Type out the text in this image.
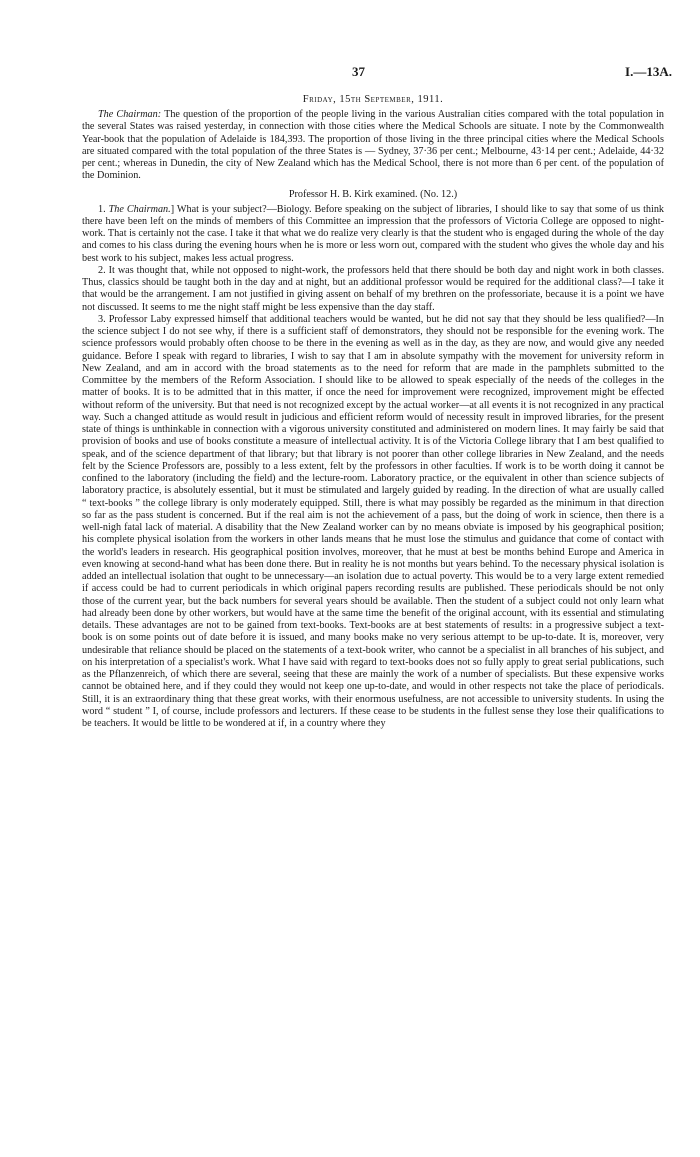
37	I.—13A.
Friday, 15th September, 1911.

The Chairman: The question of the proportion of the people living in the various Australian cities compared with the total population in the several States was raised yesterday, in connection with those cities where the Medical Schools are situate. I note by the Commonwealth Year-book that the population of Adelaide is 184,393. The proportion of those living in the three principal cities where the Medical Schools are situated compared with the total population of the three States is — Sydney, 37·36 per cent.; Melbourne, 43·14 per cent.; Adelaide, 44·32 per cent.; whereas in Dunedin, the city of New Zealand which has the Medical School, there is not more than 6 per cent. of the population of the Dominion.

Professor H. B. Kirk examined. (No. 12.)

1. The Chairman.] What is your subject?—Biology. Before speaking on the subject of libraries, I should like to say that some of us think there have been left on the minds of members of this Committee an impression that the professors of Victoria College are opposed to night-work. That is certainly not the case. I take it that what we do realize very clearly is that the student who is engaged during the whole of the day and comes to his class during the evening hours when he is more or less worn out, compared with the student who gives the whole day and his best work to his subject, makes less actual progress.

2. It was thought that, while not opposed to night-work, the professors held that there should be both day and night work in both classes. Thus, classics should be taught both in the day and at night, but an additional professor would be required for the additional class?—I take it that would be the arrangement. I am not justified in giving assent on behalf of my brethren on the professoriate, because it is a point we have not discussed. It seems to me the night staff might be less expensive than the day staff.

3. Professor Laby expressed himself that additional teachers would be wanted, but he did not say that they should be less qualified?—In the science subject I do not see why, if there is a sufficient staff of demonstrators, they should not be responsible for the evening work. The science professors would probably often choose to be there in the evening as well as in the day, as they are now, and would give any needed guidance. Before I speak with regard to libraries, I wish to say that I am in absolute sympathy with the movement for university reform in New Zealand, and am in accord with the broad statements as to the need for reform that are made in the pamphlets submitted to the Committee by the members of the Reform Association. I should like to be allowed to speak especially of the needs of the colleges in the matter of books. It is to be admitted that in this matter, if once the need for improvement were recognized, improvement might be effected without reform of the university. But that need is not recognized except by the actual worker—at all events it is not recognized in any practical way. Such a changed attitude as would result in judicious and efficient reform would of necessity result in improved libraries, for the present state of things is unthinkable in connection with a vigorous university constituted and administered on modern lines. It may fairly be said that provision of books and use of books constitute a measure of intellectual activity. It is of the Victoria College library that I am best qualified to speak, and of the science department of that library; but that library is not poorer than other college libraries in New Zealand, and the needs felt by the Science Professors are, possibly to a less extent, felt by the professors in other faculties. If work is to be worth doing it cannot be confined to the laboratory (including the field) and the lecture-room. Laboratory practice, or the equivalent in other than science subjects of laboratory practice, is absolutely essential, but it must be stimulated and largely guided by reading. In the direction of what are usually called “ text-books ” the college library is only moderately equipped. Still, there is what may possibly be regarded as the minimum in that direction so far as the pass student is concerned. But if the real aim is not the achievement of a pass, but the doing of work in science, then there is a well-nigh fatal lack of material. A disability that the New Zealand worker can by no means obviate is imposed by his geographical position; his complete physical isolation from the workers in other lands means that he must lose the stimulus and guidance that come of contact with the world's leaders in research. His geographical position involves, moreover, that he must at best be months behind Europe and America in even knowing at second-hand what has been done there. But in reality he is not months but years behind. To the necessary physical isolation is added an intellectual isolation that ought to be unnecessary—an isolation due to actual poverty. This would be to a very large extent remedied if access could be had to current periodicals in which original papers recording results are published. These periodicals should be not only those of the current year, but the back numbers for several years should be available. Then the student of a subject could not only learn what had already been done by other workers, but would have at the same time the benefit of the original account, with its essential and stimulating details. These advantages are not to be gained from text-books. Text-books are at best statements of results: in a progressive subject a text-book is on some points out of date before it is issued, and many books make no very serious attempt to be up-to-date. It is, moreover, very undesirable that reliance should be placed on the statements of a text-book writer, who cannot be a specialist in all branches of his subject, and on his interpretation of a specialist's work. What I have said with regard to text-books does not so fully apply to great serial publications, such as the Pflanzenreich, of which there are several, seeing that these are mainly the work of a number of specialists. But these expensive works cannot be obtained here, and if they could they would not keep one up-to-date, and would in other respects not take the place of periodicals. Still, it is an extraordinary thing that these great works, with their enormous usefulness, are not accessible to university students. In using the word “ student ” I, of course, include professors and lecturers. If these cease to be students in the fullest sense they lose their qualifications to be teachers. It would be little to be wondered at if, in a country where they
